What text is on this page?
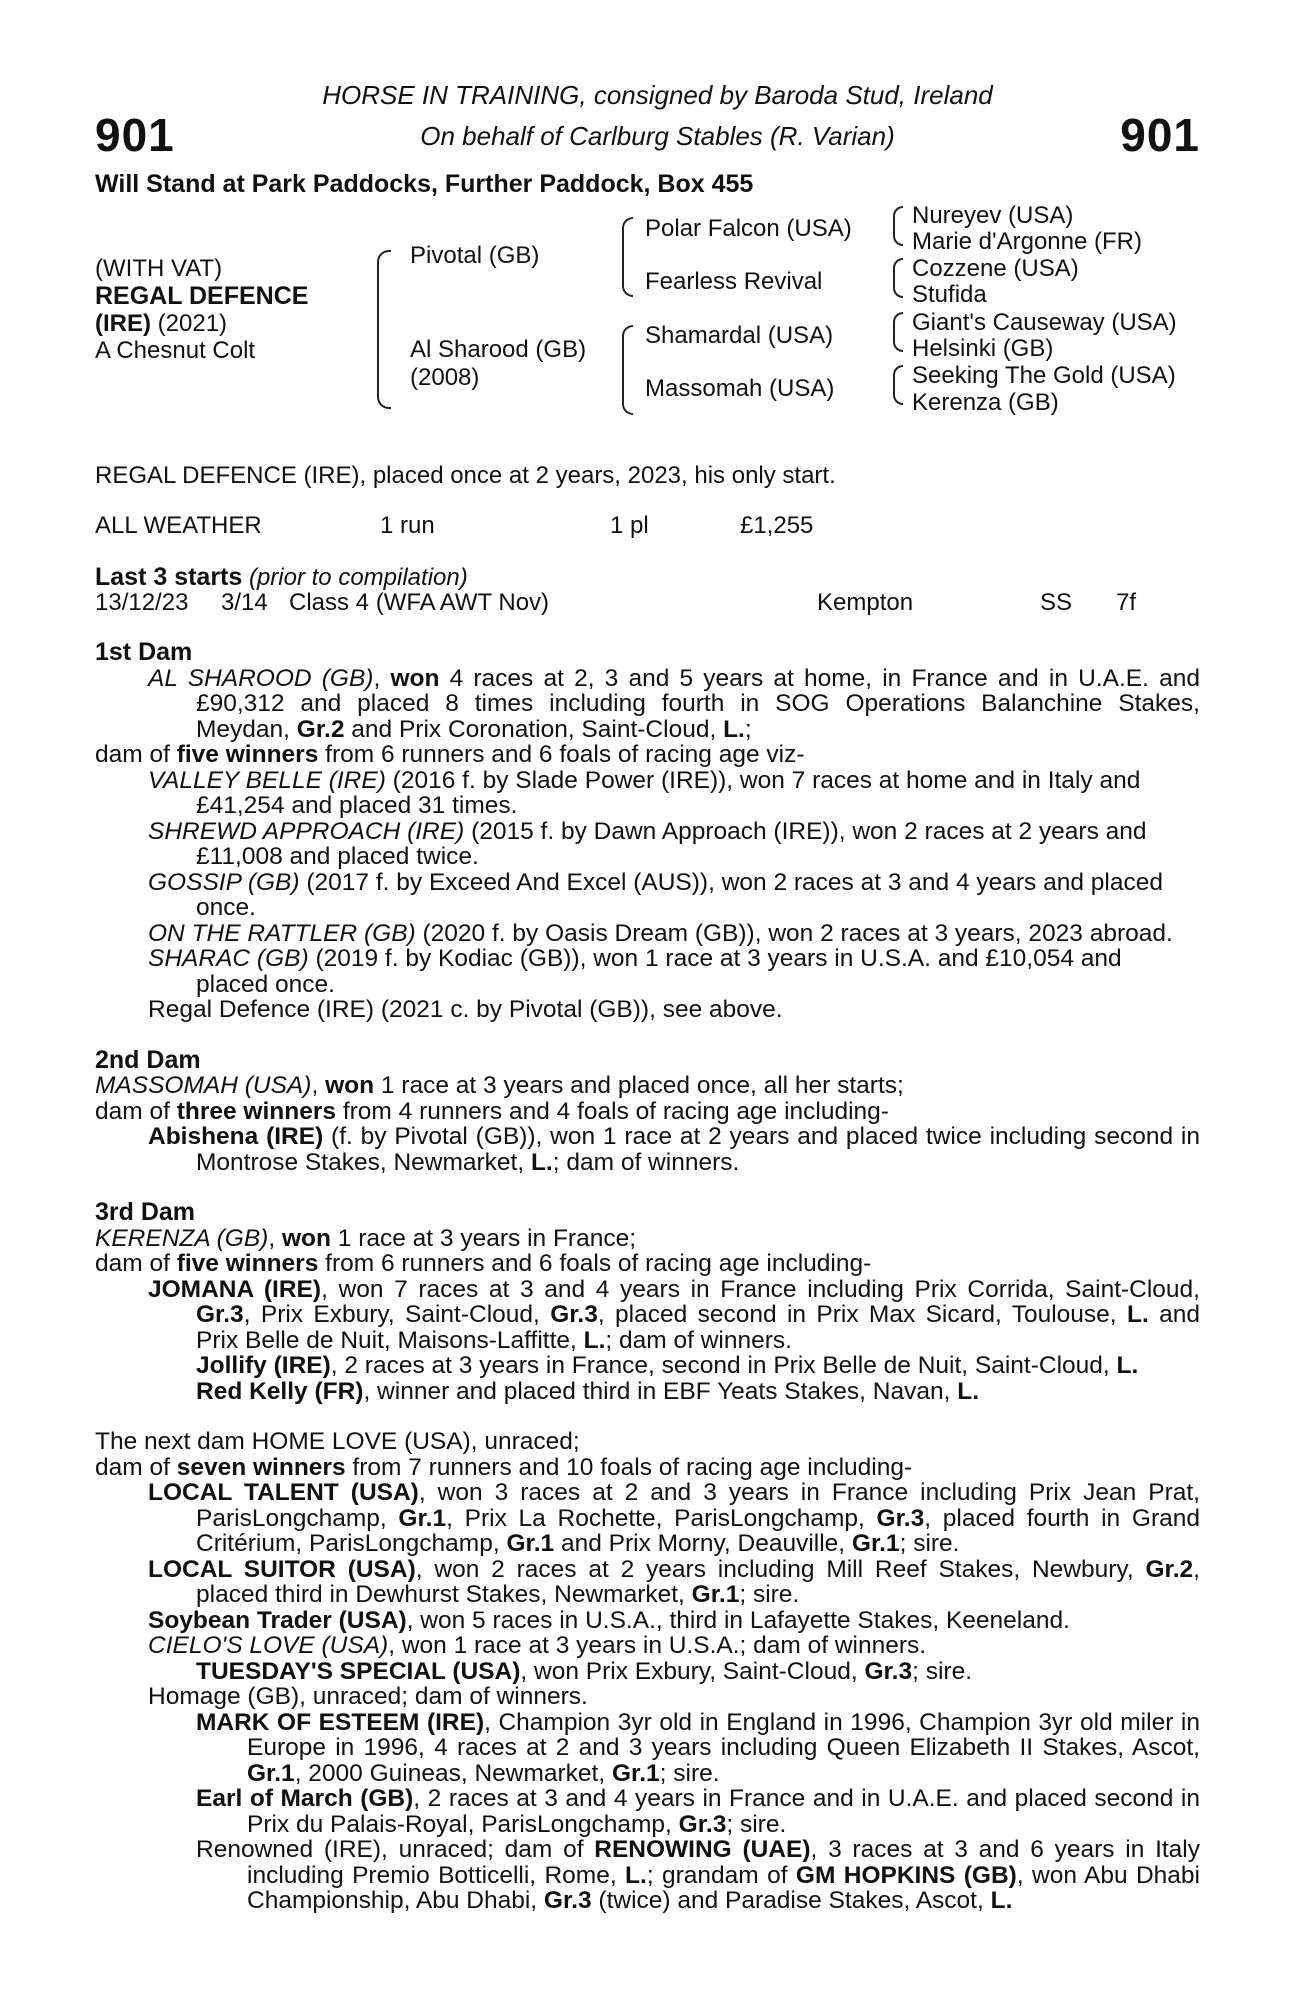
901	901
HORSE IN TRAINING, consigned by Baroda Stud, Ireland
On behalf of Carlburg Stables (R. Varian)
Will Stand at Park Paddocks, Further Paddock, Box 455
(WITH VAT)
REGAL DEFENCE
(IRE) (2021)
A Chesnut Colt
Pivotal (GB)
Al Sharood (GB)
(2008)
Polar Falcon (USA)
Fearless Revival
Shamardal (USA)
Massomah (USA)
Nureyev (USA)
Marie d'Argonne (FR)
Cozzene (USA)
Stufida
Giant's Causeway (USA)
Helsinki (GB)
Seeking The Gold (USA)
Kerenza (GB)
REGAL DEFENCE (IRE), placed once at 2 years, 2023, his only start.
ALL WEATHER	1 run	1 pl	£1,255
Last 3 starts (prior to compilation)
13/12/23 3/14 Class 4 (WFA AWT Nov)	Kempton	SS 7f

1st Dam

AL SHAROOD (GB), won 4 races at 2, 3 and 5 years at home, in France and in U.A.E. and £90,312 and placed 8 times including fourth in SOG Operations Balanchine Stakes, Meydan, Gr.2 and Prix Coronation, Saint-Cloud, L.;

dam of five winners from 6 runners and 6 foals of racing age viz-

VALLEY BELLE (IRE) (2016 f. by Slade Power (IRE)), won 7 races at home and in Italy and £41,254 and placed 31 times.

SHREWD APPROACH (IRE) (2015 f. by Dawn Approach (IRE)), won 2 races at 2 years and £11,008 and placed twice.

GOSSIP (GB) (2017 f. by Exceed And Excel (AUS)), won 2 races at 3 and 4 years and placed once.

ON THE RATTLER (GB) (2020 f. by Oasis Dream (GB)), won 2 races at 3 years, 2023 abroad.

SHARAC (GB) (2019 f. by Kodiac (GB)), won 1 race at 3 years in U.S.A. and £10,054 and placed once.

Regal Defence (IRE) (2021 c. by Pivotal (GB)), see above.

2nd Dam

MASSOMAH (USA), won 1 race at 3 years and placed once, all her starts;

dam of three winners from 4 runners and 4 foals of racing age including-

Abishena (IRE) (f. by Pivotal (GB)), won 1 race at 2 years and placed twice including second in Montrose Stakes, Newmarket, L.; dam of winners.

3rd Dam

KERENZA (GB), won 1 race at 3 years in France;

dam of five winners from 6 runners and 6 foals of racing age including-

JOMANA (IRE), won 7 races at 3 and 4 years in France including Prix Corrida, Saint-Cloud, Gr.3, Prix Exbury, Saint-Cloud, Gr.3, placed second in Prix Max Sicard, Toulouse, L. and Prix Belle de Nuit, Maisons-Laffitte, L.; dam of winners.

Jollify (IRE), 2 races at 3 years in France, second in Prix Belle de Nuit, Saint-Cloud, L.

Red Kelly (FR), winner and placed third in EBF Yeats Stakes, Navan, L.

The next dam HOME LOVE (USA), unraced;

dam of seven winners from 7 runners and 10 foals of racing age including-

LOCAL TALENT (USA), won 3 races at 2 and 3 years in France including Prix Jean Prat, ParisLongchamp, Gr.1, Prix La Rochette, ParisLongchamp, Gr.3, placed fourth in Grand Critérium, ParisLongchamp, Gr.1 and Prix Morny, Deauville, Gr.1; sire.

LOCAL SUITOR (USA), won 2 races at 2 years including Mill Reef Stakes, Newbury, Gr.2, placed third in Dewhurst Stakes, Newmarket, Gr.1; sire.

Soybean Trader (USA), won 5 races in U.S.A., third in Lafayette Stakes, Keeneland.

CIELO'S LOVE (USA), won 1 race at 3 years in U.S.A.; dam of winners.

TUESDAY'S SPECIAL (USA), won Prix Exbury, Saint-Cloud, Gr.3; sire.

Homage (GB), unraced; dam of winners.

MARK OF ESTEEM (IRE), Champion 3yr old in England in 1996, Champion 3yr old miler in Europe in 1996, 4 races at 2 and 3 years including Queen Elizabeth II Stakes, Ascot, Gr.1, 2000 Guineas, Newmarket, Gr.1; sire.

Earl of March (GB), 2 races at 3 and 4 years in France and in U.A.E. and placed second in Prix du Palais-Royal, ParisLongchamp, Gr.3; sire.

Renowned (IRE), unraced; dam of RENOWING (UAE), 3 races at 3 and 6 years in Italy including Premio Botticelli, Rome, L.; grandam of GM HOPKINS (GB), won Abu Dhabi Championship, Abu Dhabi, Gr.3 (twice) and Paradise Stakes, Ascot, L.
